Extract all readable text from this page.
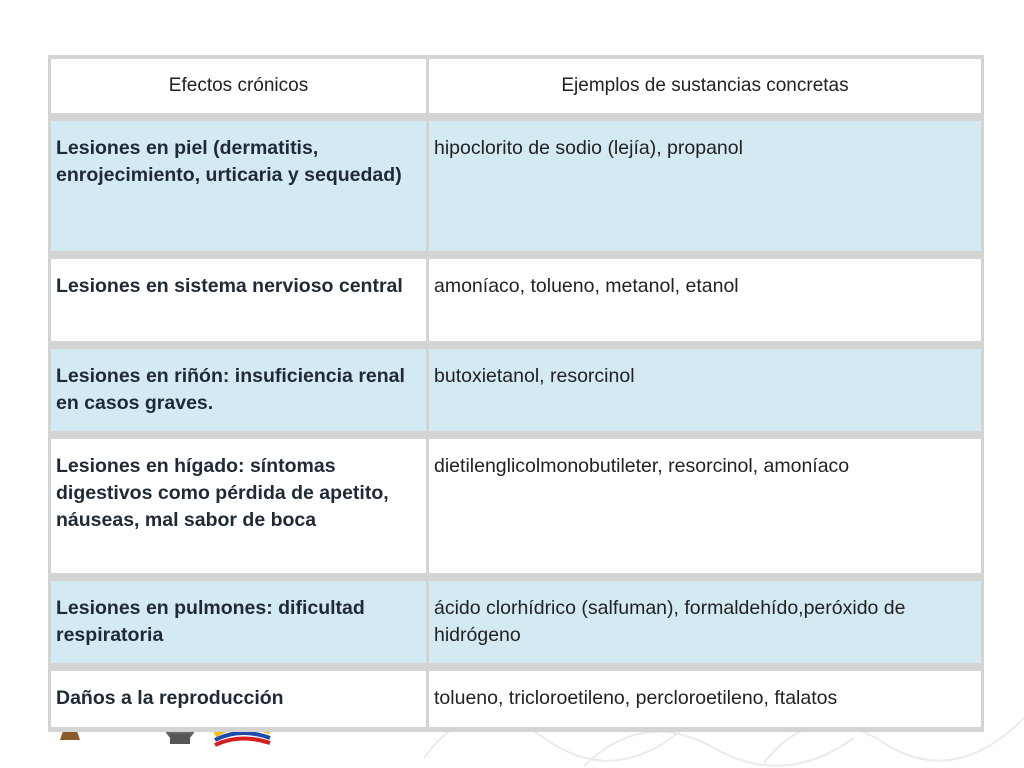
Efectos crónicos	Ejemplos de sustancias concretas

Lesiones en piel (dermatitis, enrojecimiento, urticaria y sequedad)	hipoclorito de sodio (lejía), propanol

Lesiones en sistema nervioso central	amoníaco, tolueno, metanol, etanol

Lesiones en riñón: insuficiencia renal en casos graves.	butoxietanol, resorcinol

Lesiones en hígado: síntomas digestivos como pérdida de apetito, náuseas, mal sabor de boca	dietilenglicolmonobutileter, resorcinol, amoníaco

Lesiones en pulmones: dificultad respiratoria	ácido clorhídrico (salfuman), formaldehído,peróxido de hidrógeno

Daños a la reproducción	tolueno, tricloroetileno, percloroetileno, ftalatos
